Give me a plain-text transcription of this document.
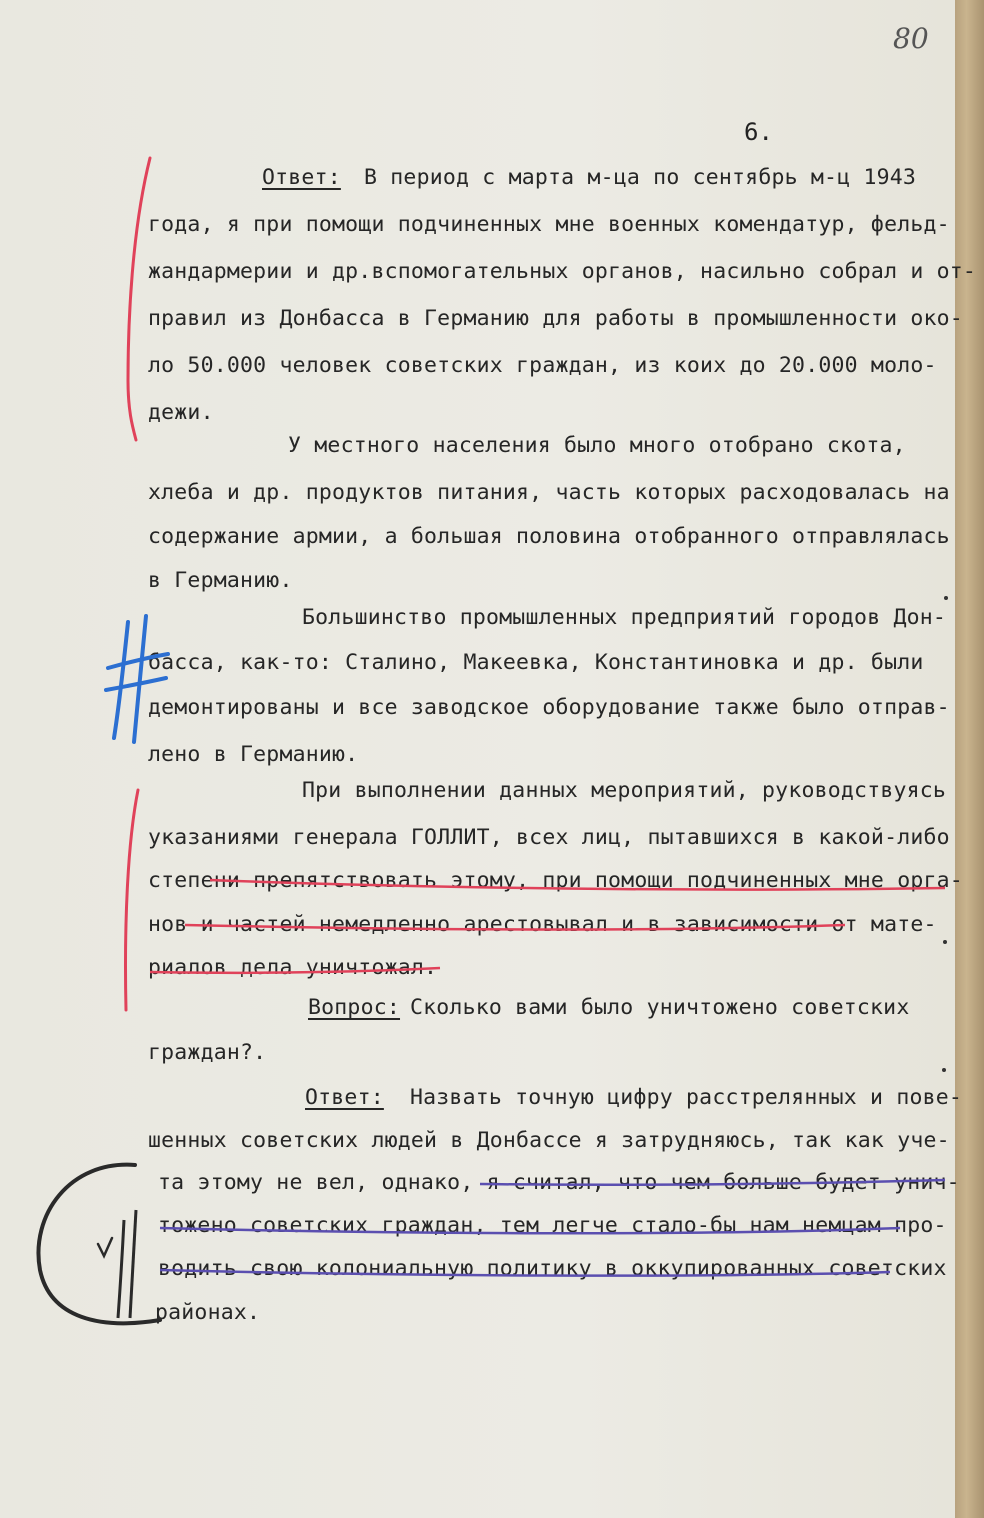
80
6.
Ответ: В период с марта м-ца по сентябрь м-ц 1943
года, я при помощи подчиненных мне военных комендатур, фельд-
жандармерии и др.вспомогательных органов, насильно собрал и от-
правил из Донбасса в Германию для работы в промышленности око-
ло 50.000 человек советских граждан, из коих до 20.000 моло-
дежи.
У местного населения было много отобрано скота,
хлеба и др. продуктов питания, часть которых расходовалась на
содержание армии, а большая половина отобранного отправлялась
в Германию.
Большинство промышленных предприятий городов Дон-
басса, как-то: Сталино, Макеевка, Константиновка и др. были
демонтированы и все заводское оборудование также было отправ-
лено в Германию.
При выполнении данных мероприятий, руководствуясь
указаниями генерала ГОЛЛИТ, всех лиц, пытавшихся в какой-либо
степени препятствовать этому, при помощи подчиненных мне орга-
нов и частей немедленно арестовывал и в зависимости от мате-
риалов дела уничтожал.
Вопрос: Сколько вами было уничтожено советских
граждан?.
Ответ: Назвать точную цифру расстрелянных и пове-
шенных советских людей в Донбассе я затрудняюсь, так как уче-
та этому не вел, однако, я считал, что чем больше будет унич-
тожено советских граждан, тем легче стало-бы нам немцам про-
водить свою колониальную политику в оккупированных советских
районах.
